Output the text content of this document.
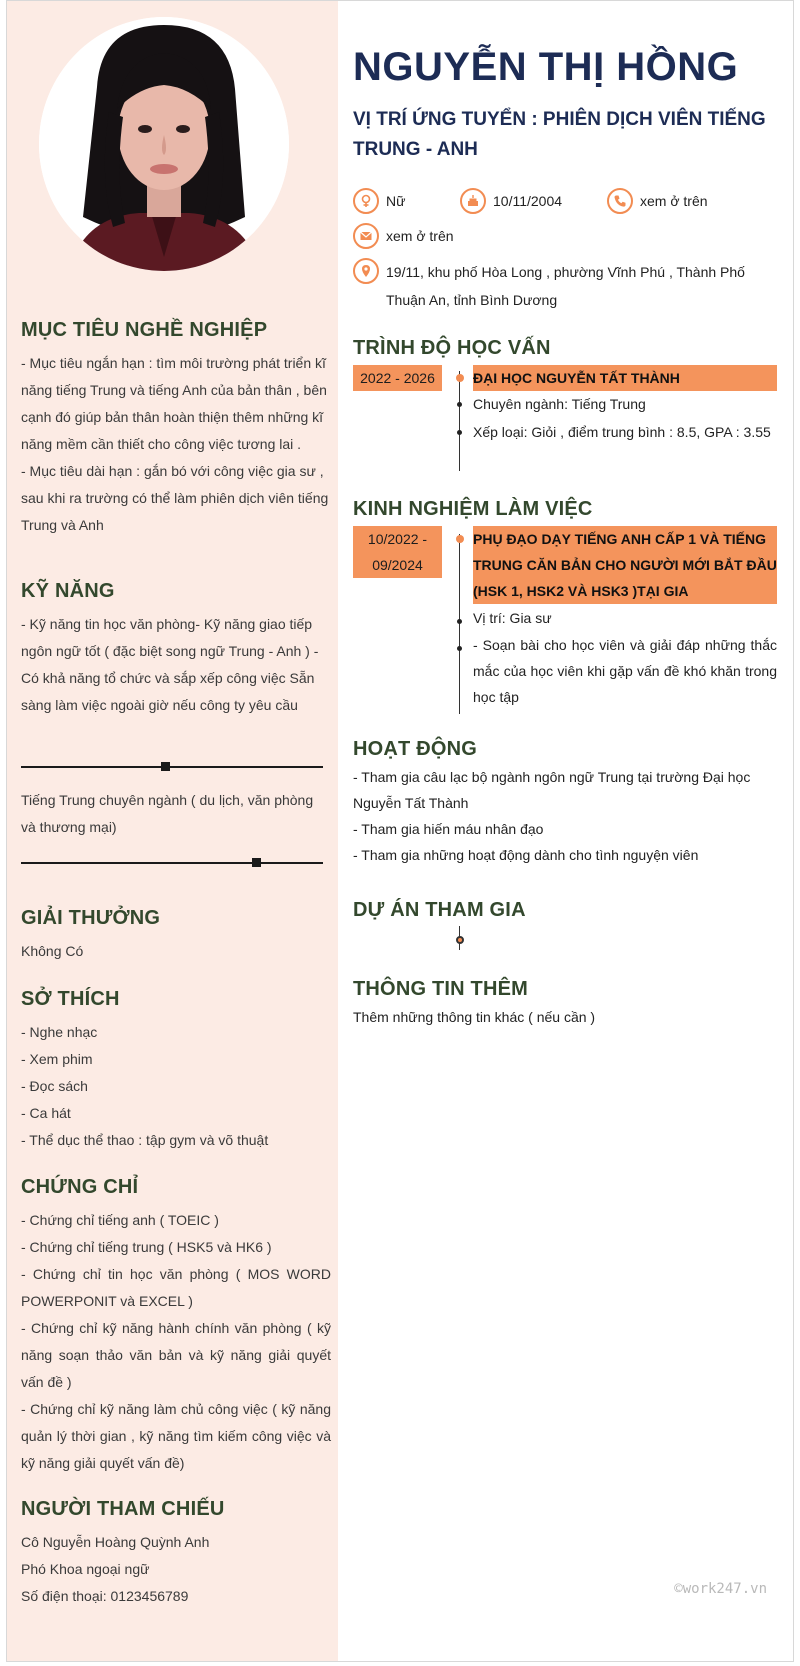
MỤC TIÊU NGHỀ NGHIỆP
- Mục tiêu ngắn hạn : tìm môi trường phát triển kĩ năng tiếng Trung và tiếng Anh của bản thân , bên cạnh đó giúp bản thân hoàn thiện thêm những kĩ năng mềm cần thiết cho công việc tương lai .
- Mục tiêu dài hạn : gắn bó với công việc gia sư , sau khi ra trường có thể làm phiên dịch viên tiếng Trung và Anh
KỸ NĂNG
- Kỹ năng tin học văn phòng- Kỹ năng giao tiếp ngôn ngữ tốt ( đặc biệt song ngữ Trung - Anh ) - Có khả năng tổ chức và sắp xếp công việc Sẵn sàng làm việc ngoài giờ nếu công ty yêu cầu
Tiếng Trung chuyên ngành ( du lịch, văn phòng và thương mại)
GIẢI THƯỞNG
Không Có
SỞ THÍCH
- Nghe nhạc
- Xem phim
- Đọc sách
- Ca hát
- Thể dục thể thao : tập gym và võ thuật
CHỨNG CHỈ
- Chứng chỉ tiếng anh ( TOEIC )
- Chứng chỉ tiếng trung ( HSK5 và HK6 )
- Chứng chỉ tin học văn phòng ( MOS WORD POWERPONIT và EXCEL )
- Chứng chỉ kỹ năng hành chính văn phòng ( kỹ năng soạn thảo văn bản và kỹ năng giải quyết vấn đề )
- Chứng chỉ kỹ năng làm chủ công việc ( kỹ năng quản lý thời gian , kỹ năng tìm kiếm công việc và kỹ năng giải quyết vấn đề)
NGƯỜI THAM CHIẾU
Cô Nguyễn Hoàng Quỳnh Anh
Phó Khoa ngoại ngữ
Số điện thoại: 0123456789
NGUYỄN THỊ HỒNG
VỊ TRÍ ỨNG TUYỂN : PHIÊN DỊCH VIÊN TIẾNG TRUNG - ANH
Nữ	10/11/2004	xem ở trên
xem ở trên
19/11, khu phố Hòa Long , phường Vĩnh Phú , Thành Phố Thuận An, tỉnh Bình Dương
TRÌNH ĐỘ HỌC VẤN
2022 - 2026	ĐẠI HỌC NGUYỄN TẤT THÀNH
Chuyên ngành: Tiếng Trung
Xếp loại: Giỏi , điểm trung bình : 8.5, GPA : 3.55
KINH NGHIỆM LÀM VIỆC
10/2022 - 09/2024
PHỤ ĐẠO DẠY TIẾNG ANH CẤP 1 VÀ TIẾNG TRUNG CĂN BẢN CHO NGƯỜI MỚI BẮT ĐẦU (HSK 1, HSK2 VÀ HSK3 )TẠI GIA
Vị trí: Gia sư
- Soạn bài cho học viên và giải đáp những thắc mắc của học viên khi gặp vấn đề khó khăn trong học tập
HOẠT ĐỘNG
- Tham gia câu lạc bộ ngành ngôn ngữ Trung tại trường Đại học Nguyễn Tất Thành
- Tham gia hiến máu nhân đạo
- Tham gia những hoạt động dành cho tình nguyện viên
DỰ ÁN THAM GIA
THÔNG TIN THÊM
Thêm những thông tin khác ( nếu cần )
©work247.vn
